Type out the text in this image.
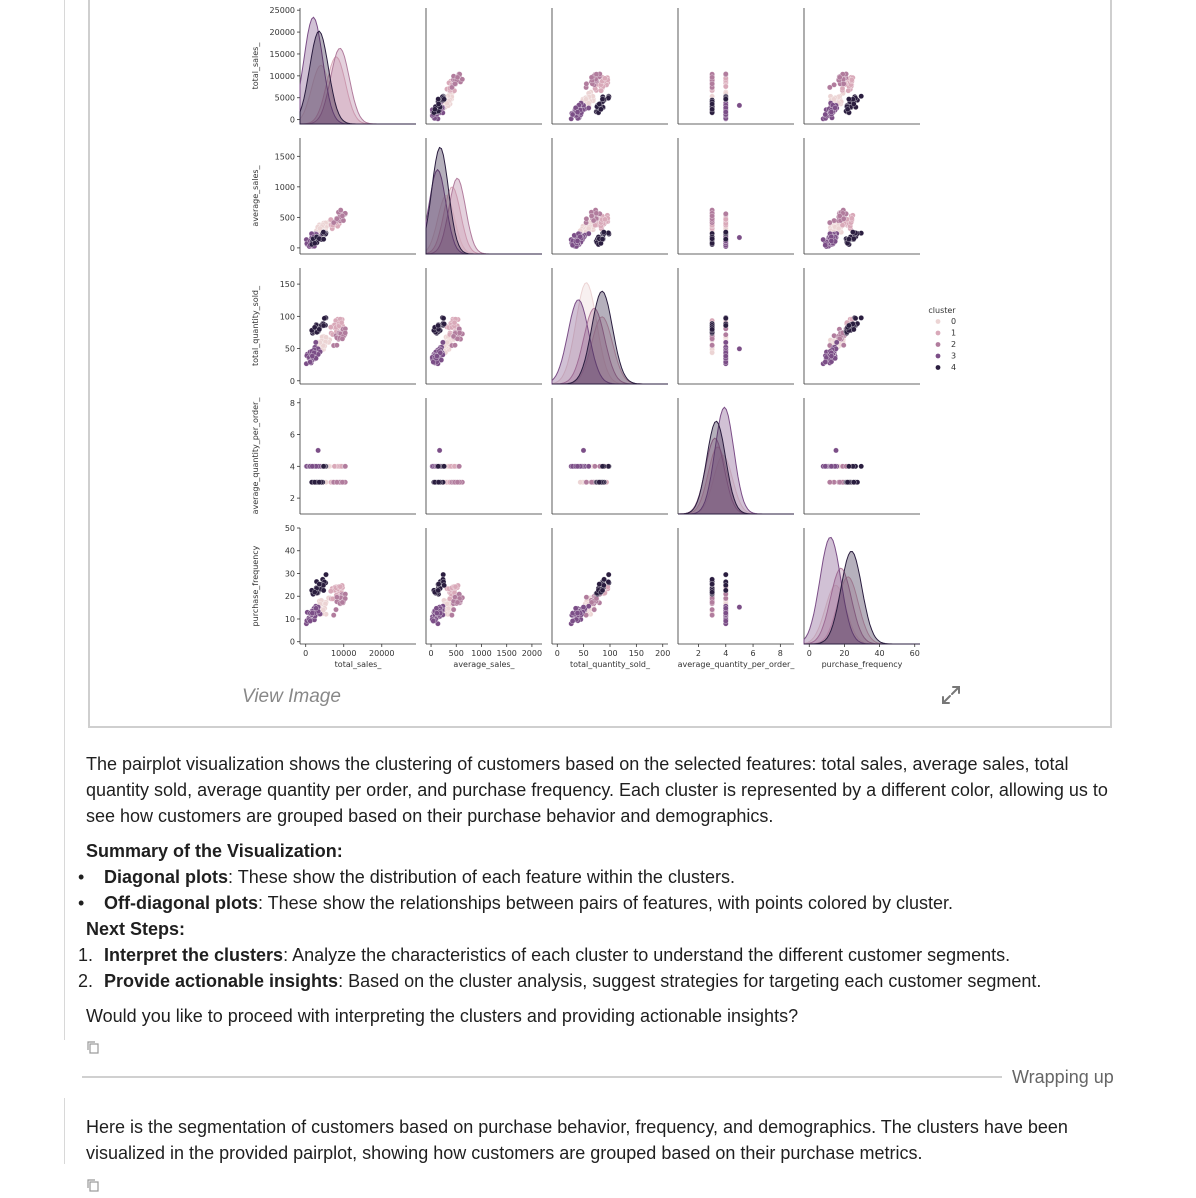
0
5000
10000
15000
20000
25000
total_sales_
0
500
1000
1500
average_sales_
0
50
100
150
total_quantity_sold_
2
4
6
8
average_quantity_per_order_
0
10
20
30
40
50
purchase_frequency
0	10000 20000
total_sales_
0 500 1000 1500 2000
average_sales_
0 50 100 150 200
total_quantity_sold_
2	4	6	8
average_quantity_per_order_
0	20	40	60
purchase_frequency
cluster
0
1
2
3
4
View Image
The pairplot visualization shows the clustering of customers based on the selected features: total sales, average sales, total quantity sold, average quantity per order, and purchase frequency. Each cluster is represented by a different color, allowing us to see how customers are grouped based on their purchase behavior and demographics.
Summary of the Visualization:
• Diagonal plots: These show the distribution of each feature within the clusters.
• Off-diagonal plots: These show the relationships between pairs of features, with points colored by cluster.
Next Steps:
1. Interpret the clusters: Analyze the characteristics of each cluster to understand the different customer segments.
2. Provide actionable insights: Based on the cluster analysis, suggest strategies for targeting each customer segment.
Would you like to proceed with interpreting the clusters and providing actionable insights?
Wrapping up
Here is the segmentation of customers based on purchase behavior, frequency, and demographics. The clusters have been visualized in the provided pairplot, showing how customers are grouped based on their purchase metrics.
